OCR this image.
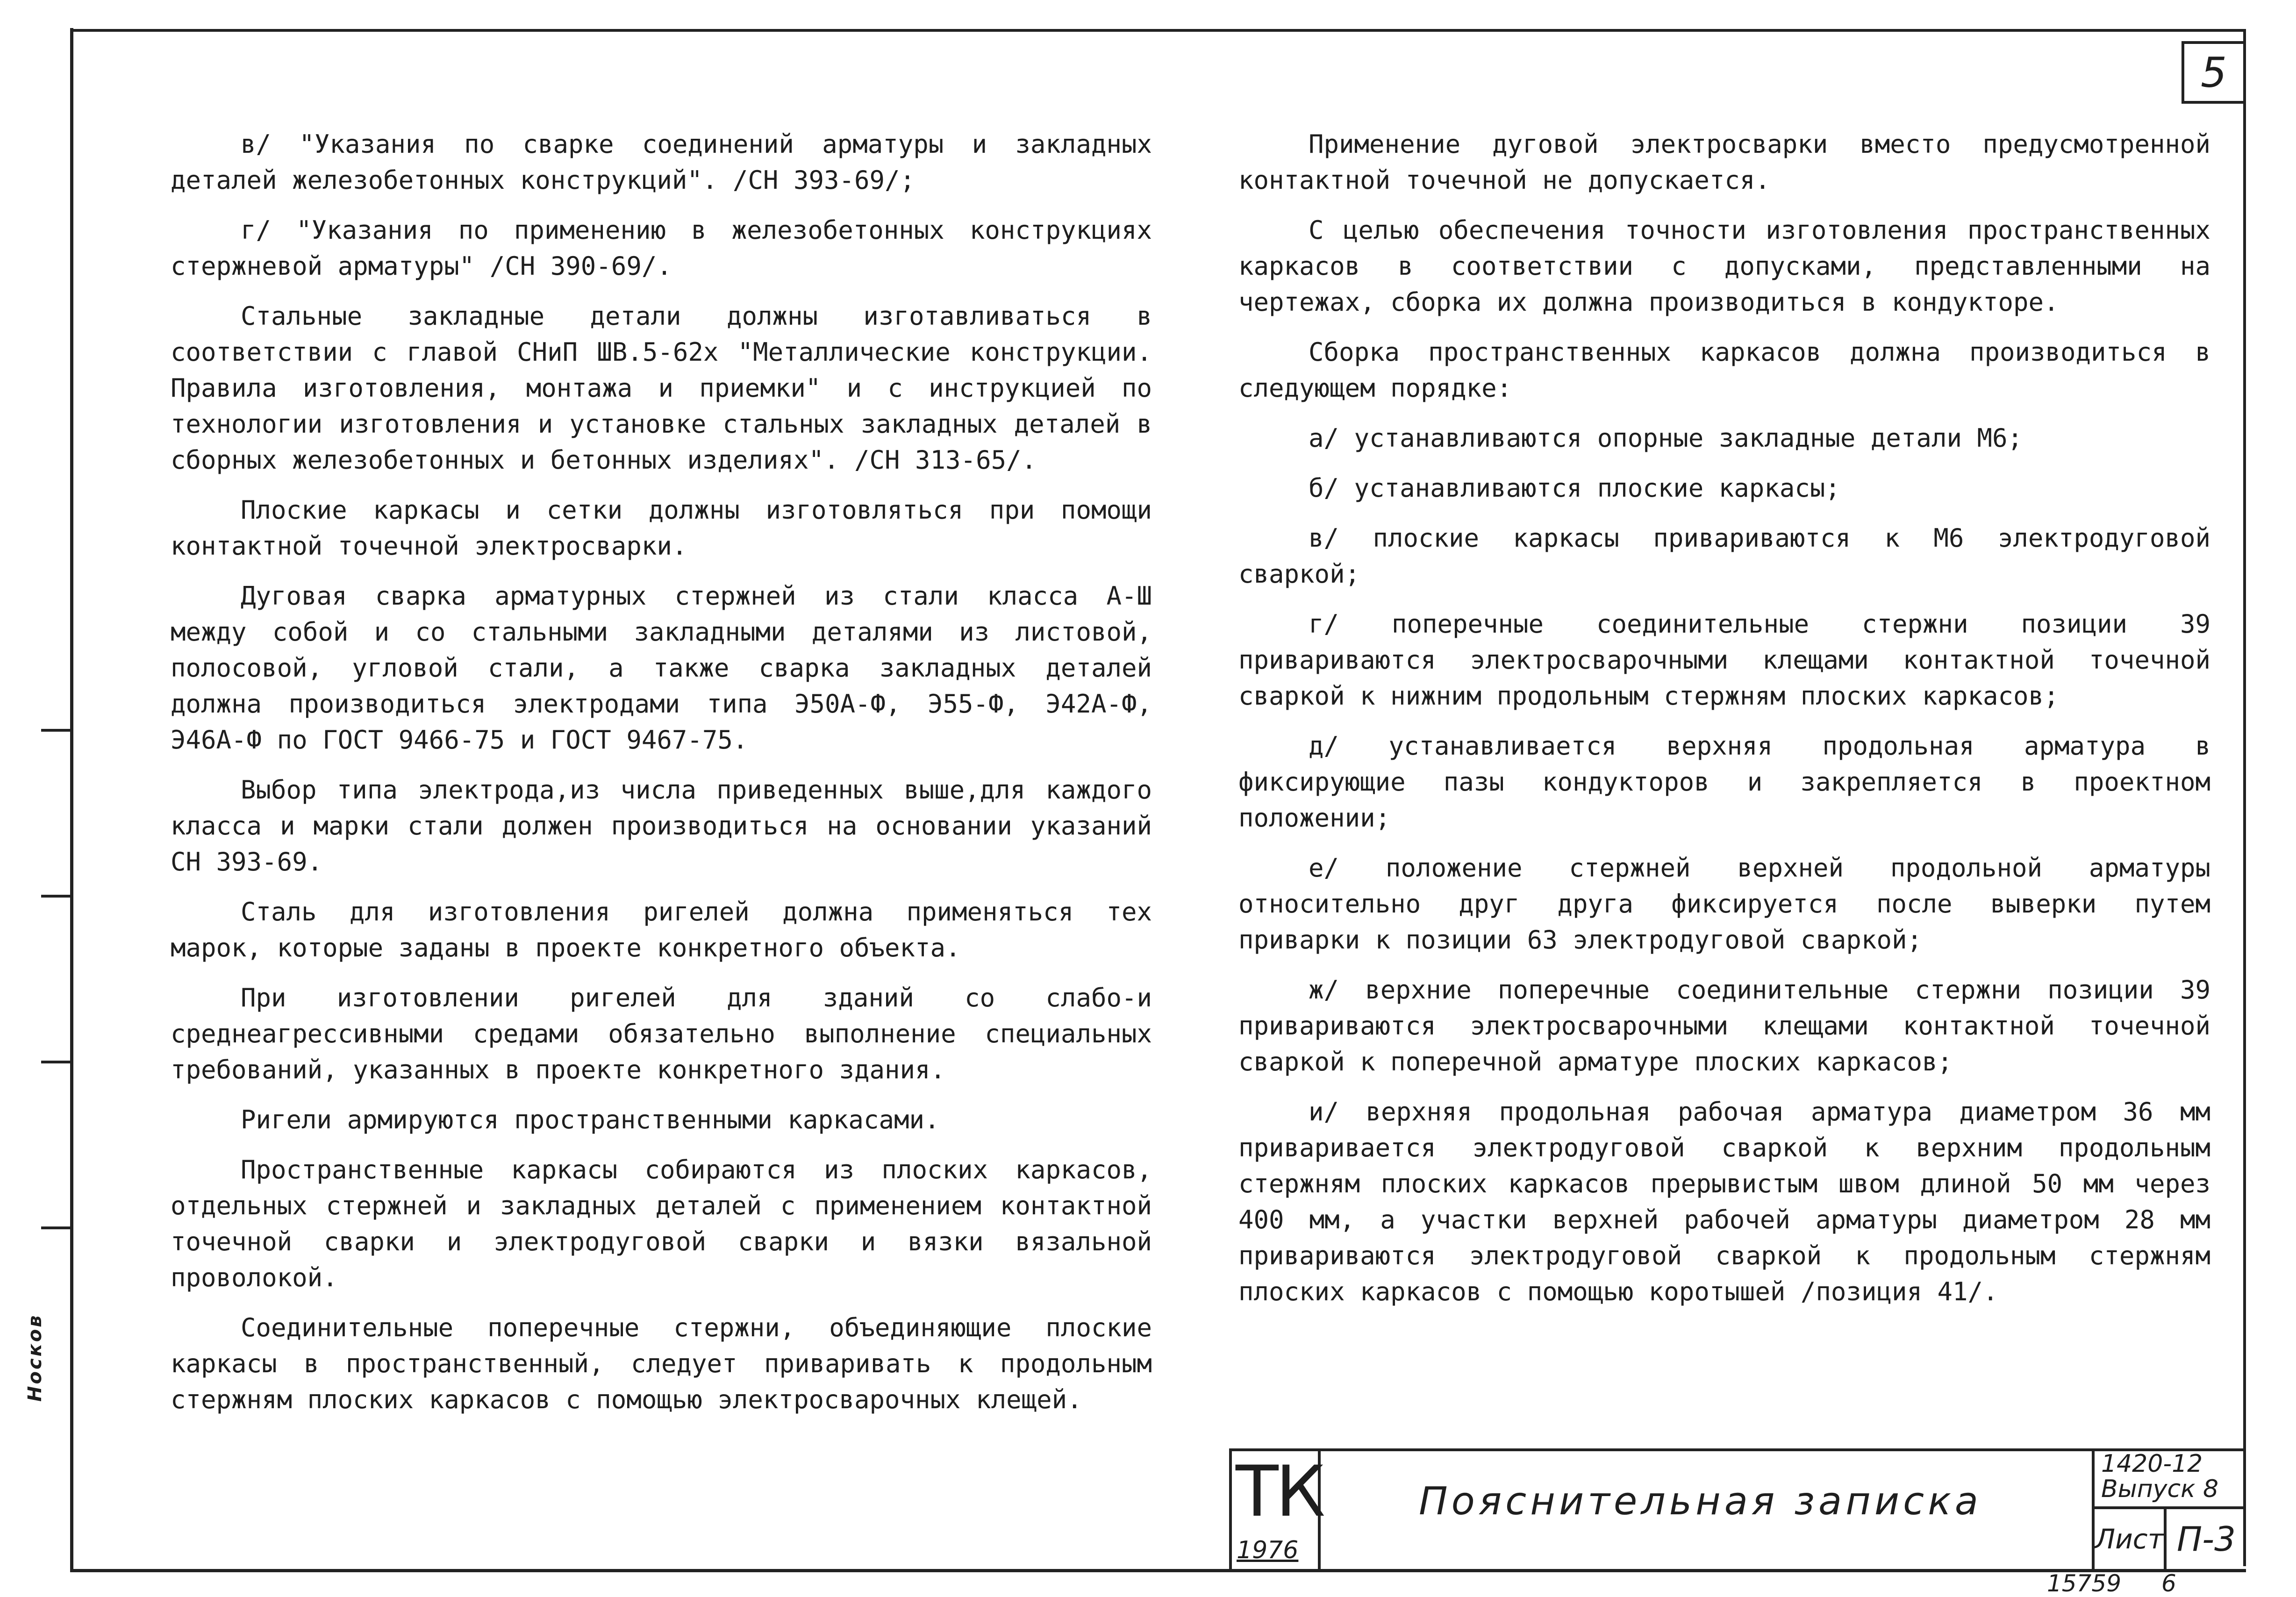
5

в/ "Указания по сварке соединений арматуры и закладных деталей железобетонных конструкций". /СН 393-69/;

г/ "Указания по применению в железобетонных конструкциях стержневой арматуры" /СН 390-69/.

Стальные закладные детали должны изготавливаться в соответствии с главой СНиП ШВ.5-62х "Металлические конструкции. Правила изготовления, монтажа и приемки" и с инструкцией по технологии изготовления и установке стальных закладных деталей в сборных железобетонных и бетонных изделиях". /СН 313-65/.

Плоские каркасы и сетки должны изготовляться при помощи контактной точечной электросварки.

Дуговая сварка арматурных стержней из стали класса А-Ш между собой и со стальными закладными деталями из листовой, полосовой, угловой стали, а также сварка закладных деталей должна производиться электродами типа Э50А-Ф, Э55-Ф, Э42А-Ф, Э46А-Ф по ГОСТ 9466-75 и ГОСТ 9467-75.

Выбор типа электрода,из числа приведенных выше,для каждого класса и марки стали должен производиться на основании указаний СН 393-69.

Сталь для изготовления ригелей должна применяться тех марок, которые заданы в проекте конкретного объекта.

При изготовлении ригелей для зданий со слабо-и среднеагрессивными средами обязательно выполнение специальных требований, указанных в проекте конкретного здания.

Ригели армируются пространственными каркасами.

Пространственные каркасы собираются из плоских каркасов, отдельных стержней и закладных деталей с применением контактной точечной сварки и электродуговой сварки и вязки вязальной проволокой.

Соединительные поперечные стержни, объединяющие плоские каркасы в пространственный, следует приваривать к продольным стержням плоских каркасов с помощью электросварочных клещей.

Применение дуговой электросварки вместо предусмотренной контактной точечной не допускается.

С целью обеспечения точности изготовления пространственных каркасов в соответствии с допусками, представленными на чертежах, сборка их должна производиться в кондукторе.

Сборка пространственных каркасов должна производиться в следующем порядке:

а/ устанавливаются опорные закладные детали М6;

б/ устанавливаются плоские каркасы;

в/ плоские каркасы привариваются к М6 электродуговой сваркой;

г/ поперечные соединительные стержни позиции 39 привариваются электросварочными клещами контактной точечной сваркой к нижним продольным стержням плоских каркасов;

д/ устанавливается верхняя продольная арматура в фиксирующие пазы кондукторов и закрепляется в проектном положении;

е/ положение стержней верхней продольной арматуры относительно друг друга фиксируется после выверки путем приварки к позиции 63 электродуговой сваркой;

ж/ верхние поперечные соединительные стержни позиции 39 привариваются электросварочными клещами контактной точечной сваркой к поперечной арматуре плоских каркасов;

и/ верхняя продольная рабочая арматура диаметром 36 мм приваривается электродуговой сваркой к верхним продольным стержням плоских каркасов прерывистым швом длиной 50 мм через 400 мм, а участки верхней рабочей арматуры диаметром 28 мм привариваются электродуговой сваркой к продольным стержням плоских каркасов с помощью коротышей /позиция 41/.

ТК
1976
Пояснительная записка
1420-12
Выпуск 8
Лист П-3
15759 6
Носков
